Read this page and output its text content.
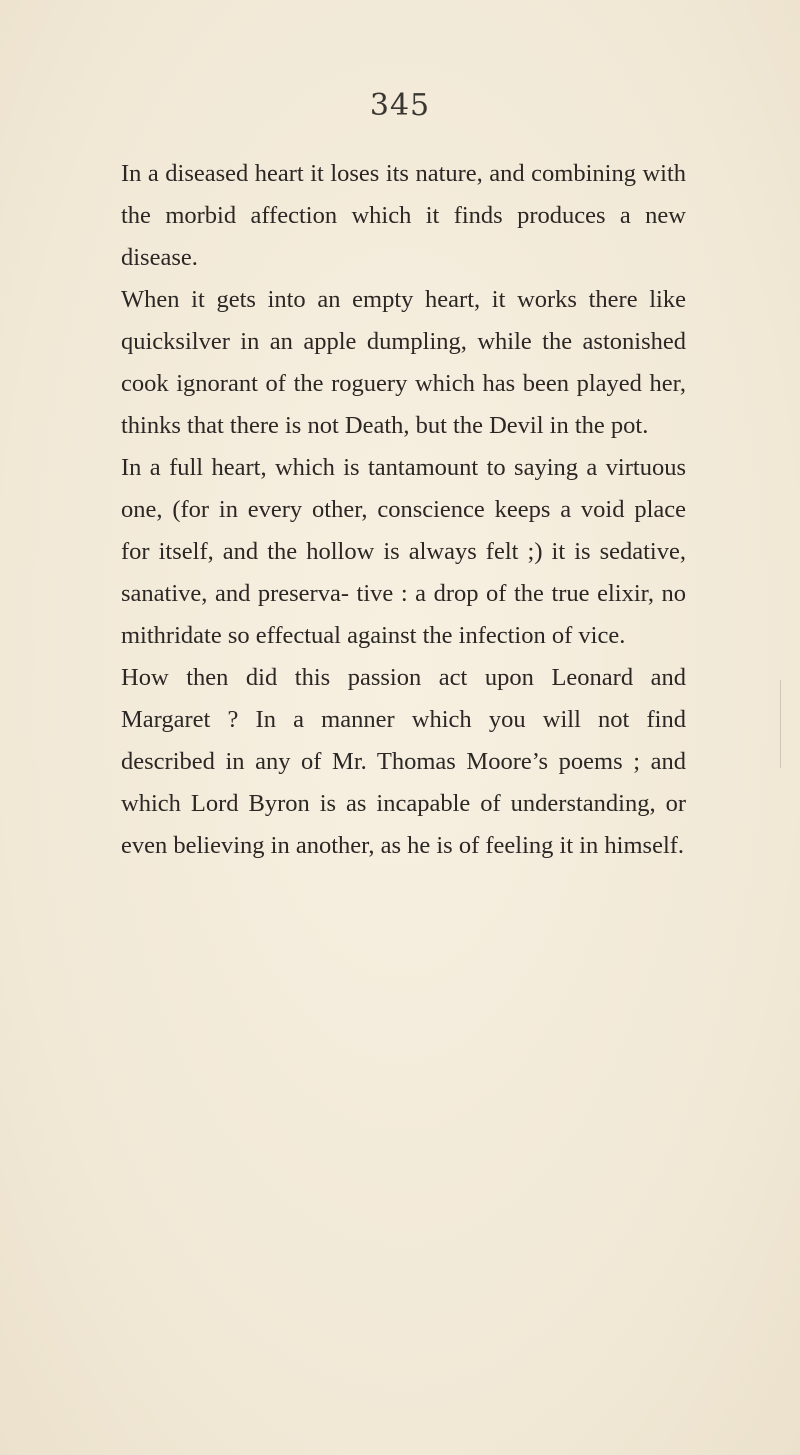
345

In a diseased heart it loses its nature, and combining with the morbid affection which it finds produces a new disease.

When it gets into an empty heart, it works there like quicksilver in an apple dumpling, while the astonished cook ignorant of the roguery which has been played her, thinks that there is not Death, but the Devil in the pot.

In a full heart, which is tantamount to saying a virtuous one, (for in every other, conscience keeps a void place for itself, and the hollow is always felt ;) it is sedative, sanative, and preserva- tive : a drop of the true elixir, no mithridate so effectual against the infection of vice.

How then did this passion act upon Leonard and Margaret ? In a manner which you will not find described in any of Mr. Thomas Moore’s poems ; and which Lord Byron is as incapable of understanding, or even believing in another, as he is of feeling it in himself.
